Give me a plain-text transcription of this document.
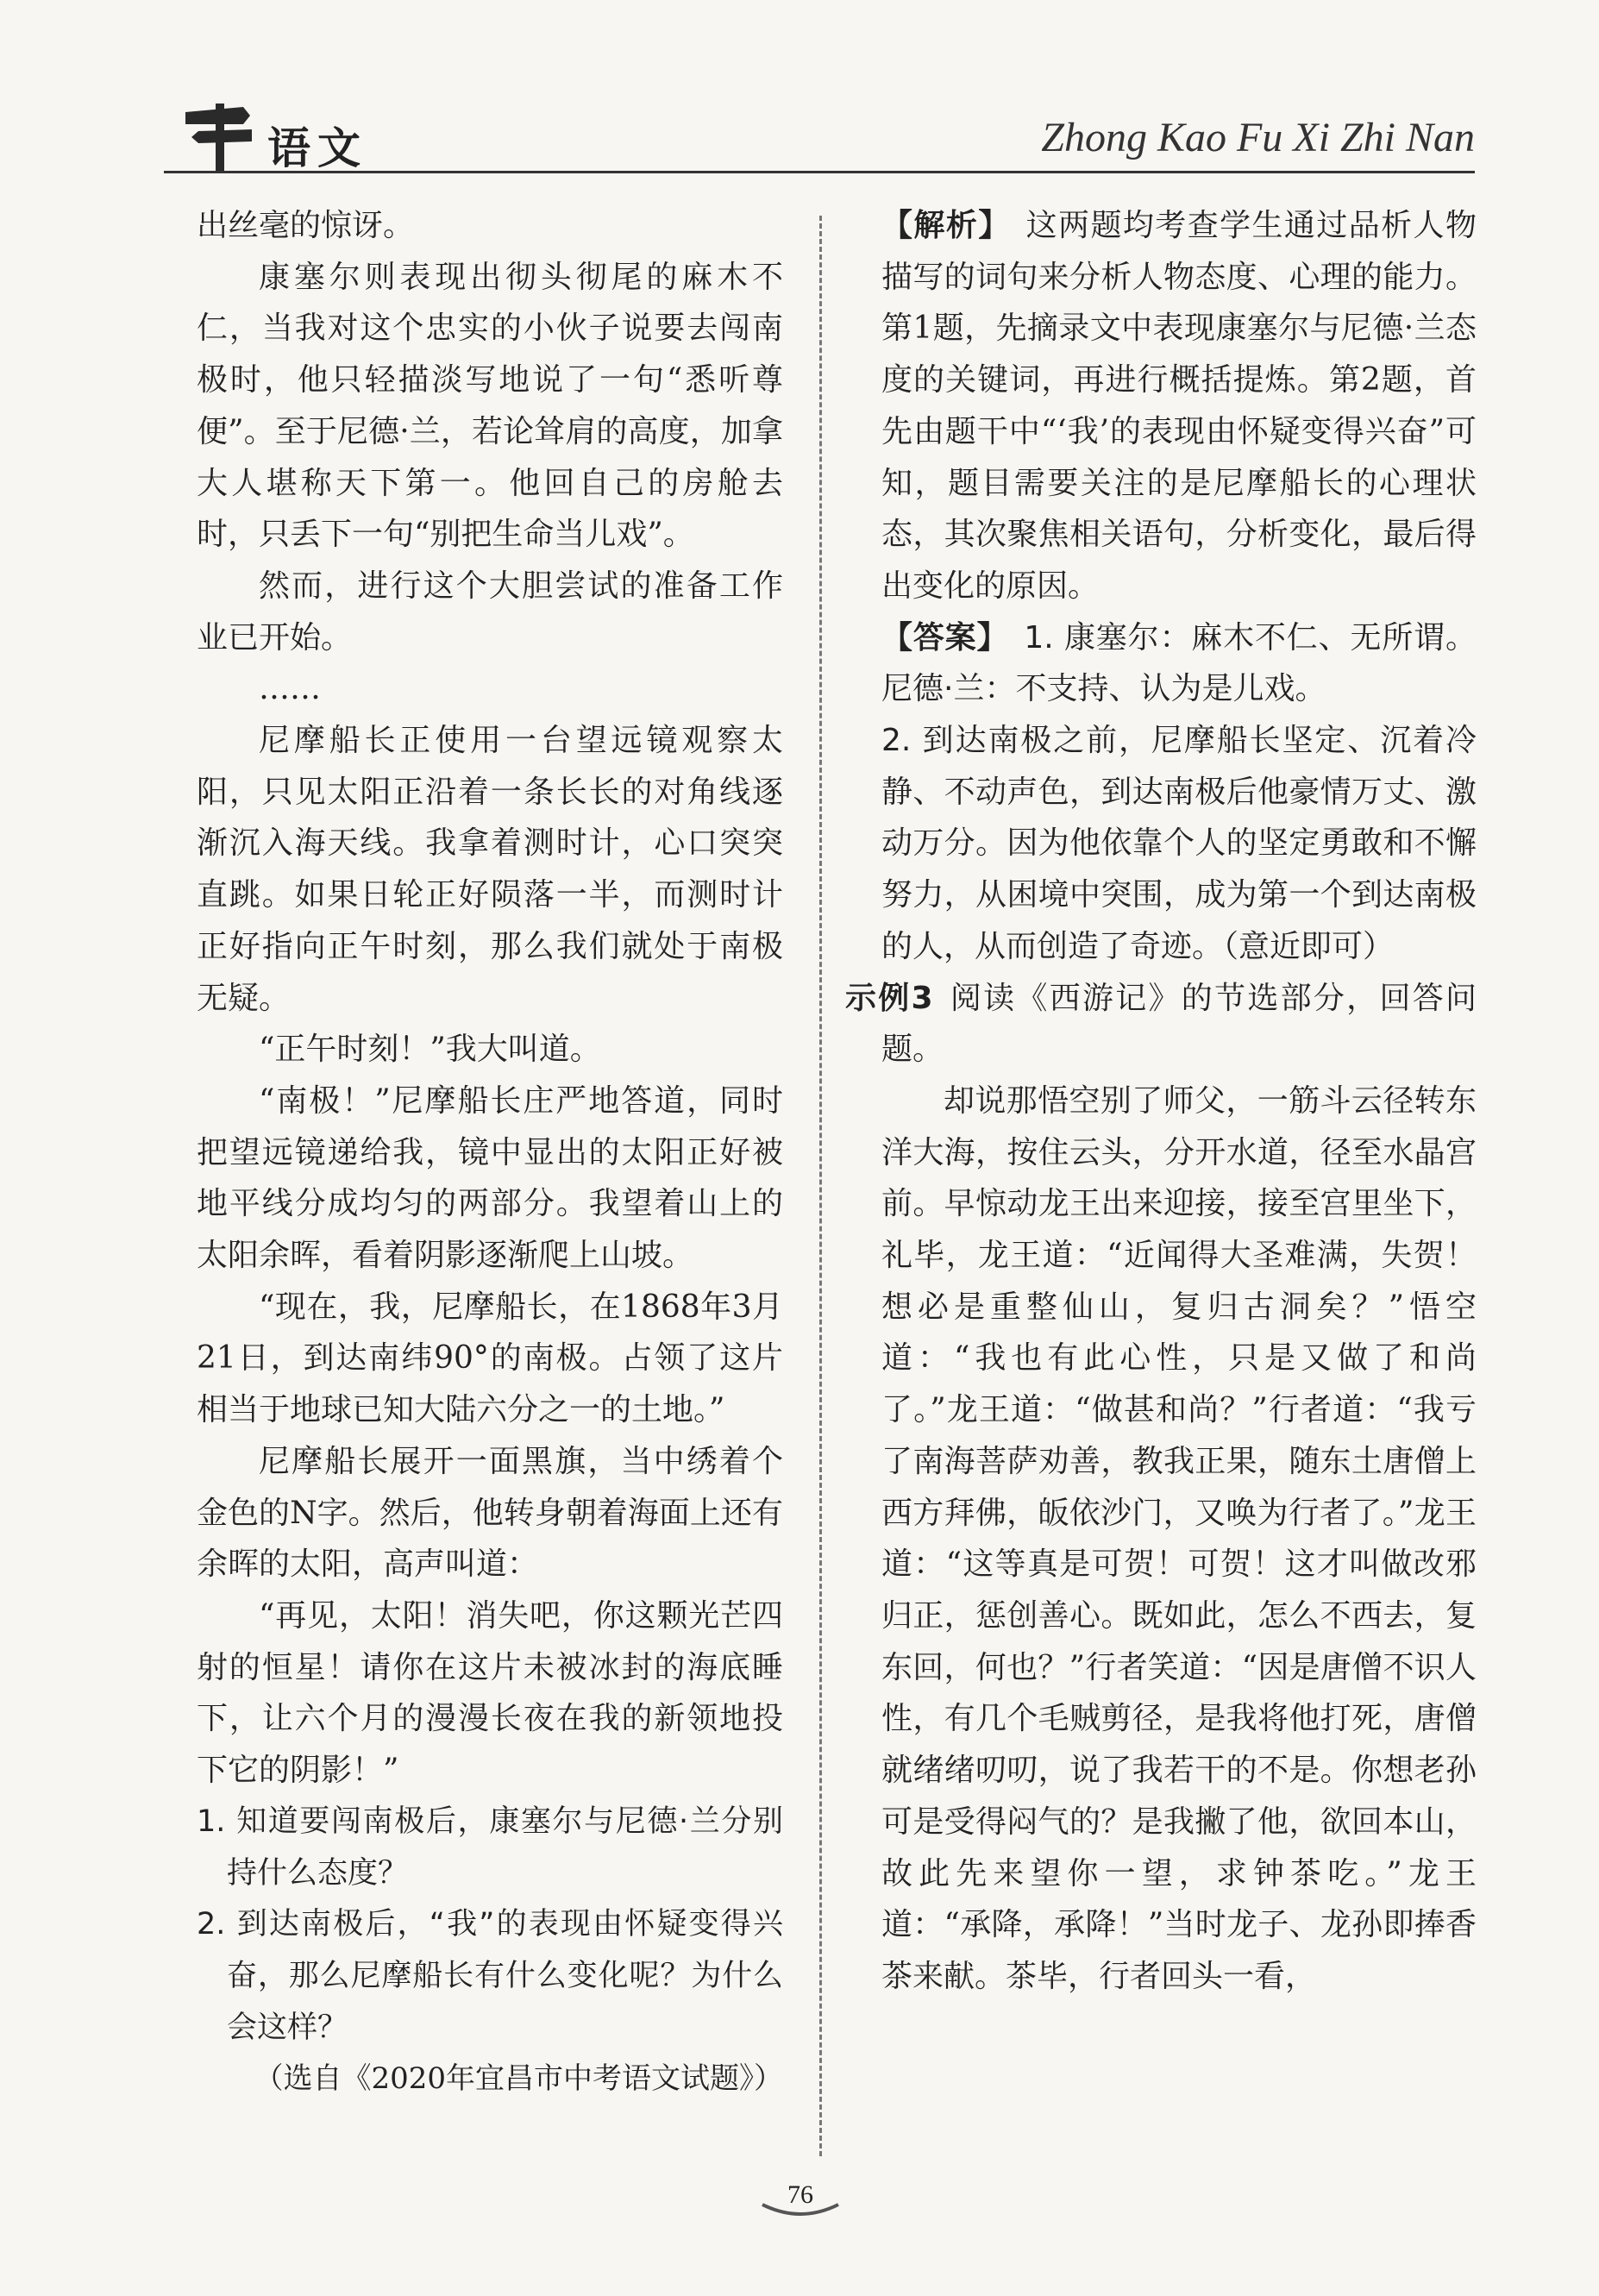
语文	Zhong Kao Fu Xi Zhi Nan

出丝毫的惊讶。

康塞尔则表现出彻头彻尾的麻木不仁，当我对这个忠实的小伙子说要去闯南极时，他只轻描淡写地说了一句“悉听尊便”。至于尼德·兰，若论耸肩的高度，加拿大人堪称天下第一。他回自己的房舱去时，只丢下一句“别把生命当儿戏”。

然而，进行这个大胆尝试的准备工作业已开始。

……

尼摩船长正使用一台望远镜观察太阳，只见太阳正沿着一条长长的对角线逐渐沉入海天线。我拿着测时计，心口突突直跳。如果日轮正好陨落一半，而测时计正好指向正午时刻，那么我们就处于南极无疑。

“正午时刻！”我大叫道。

“南极！”尼摩船长庄严地答道，同时把望远镜递给我，镜中显出的太阳正好被地平线分成均匀的两部分。我望着山上的太阳余晖，看着阴影逐渐爬上山坡。

“现在，我，尼摩船长，在1868年3月21日，到达南纬90°的南极。占领了这片相当于地球已知大陆六分之一的土地。”

尼摩船长展开一面黑旗，当中绣着个金色的N字。然后，他转身朝着海面上还有余晖的太阳，高声叫道：

“再见，太阳！消失吧，你这颗光芒四射的恒星！请你在这片未被冰封的海底睡下，让六个月的漫漫长夜在我的新领地投下它的阴影！”

1. 知道要闯南极后，康塞尔与尼德·兰分别持什么态度？

2. 到达南极后，“我”的表现由怀疑变得兴奋，那么尼摩船长有什么变化呢？为什么会这样？

（选自《2020年宜昌市中考语文试题》）

【解析】 这两题均考查学生通过品析人物描写的词句来分析人物态度、心理的能力。第1题，先摘录文中表现康塞尔与尼德·兰态度的关键词，再进行概括提炼。第2题，首先由题干中“‘我’的表现由怀疑变得兴奋”可知，题目需要关注的是尼摩船长的心理状态，其次聚焦相关语句，分析变化，最后得出变化的原因。

【答案】 1. 康塞尔：麻木不仁、无所谓。尼德·兰：不支持、认为是儿戏。

2. 到达南极之前，尼摩船长坚定、沉着冷静、不动声色，到达南极后他豪情万丈、激动万分。因为他依靠个人的坚定勇敢和不懈努力，从困境中突围，成为第一个到达南极的人，从而创造了奇迹。（意近即可）

示例3 阅读《西游记》的节选部分，回答问题。

却说那悟空别了师父，一筋斗云径转东洋大海，按住云头，分开水道，径至水晶宫前。早惊动龙王出来迎接，接至宫里坐下，礼毕，龙王道：“近闻得大圣难满，失贺！想必是重整仙山，复归古洞矣？”悟空道：“我也有此心性，只是又做了和尚了。”龙王道：“做甚和尚？”行者道：“我亏了南海菩萨劝善，教我正果，随东土唐僧上西方拜佛，皈依沙门，又唤为行者了。”龙王道：“这等真是可贺！可贺！这才叫做改邪归正，惩创善心。既如此，怎么不西去，复东回，何也？”行者笑道：“因是唐僧不识人性，有几个毛贼剪径，是我将他打死，唐僧就绪绪叨叨，说了我若干的不是。你想老孙可是受得闷气的？是我撇了他，欲回本山，故此先来望你一望，求钟茶吃。”龙王道：“承降，承降！”当时龙子、龙孙即捧香茶来献。茶毕，行者回头一看，

76
